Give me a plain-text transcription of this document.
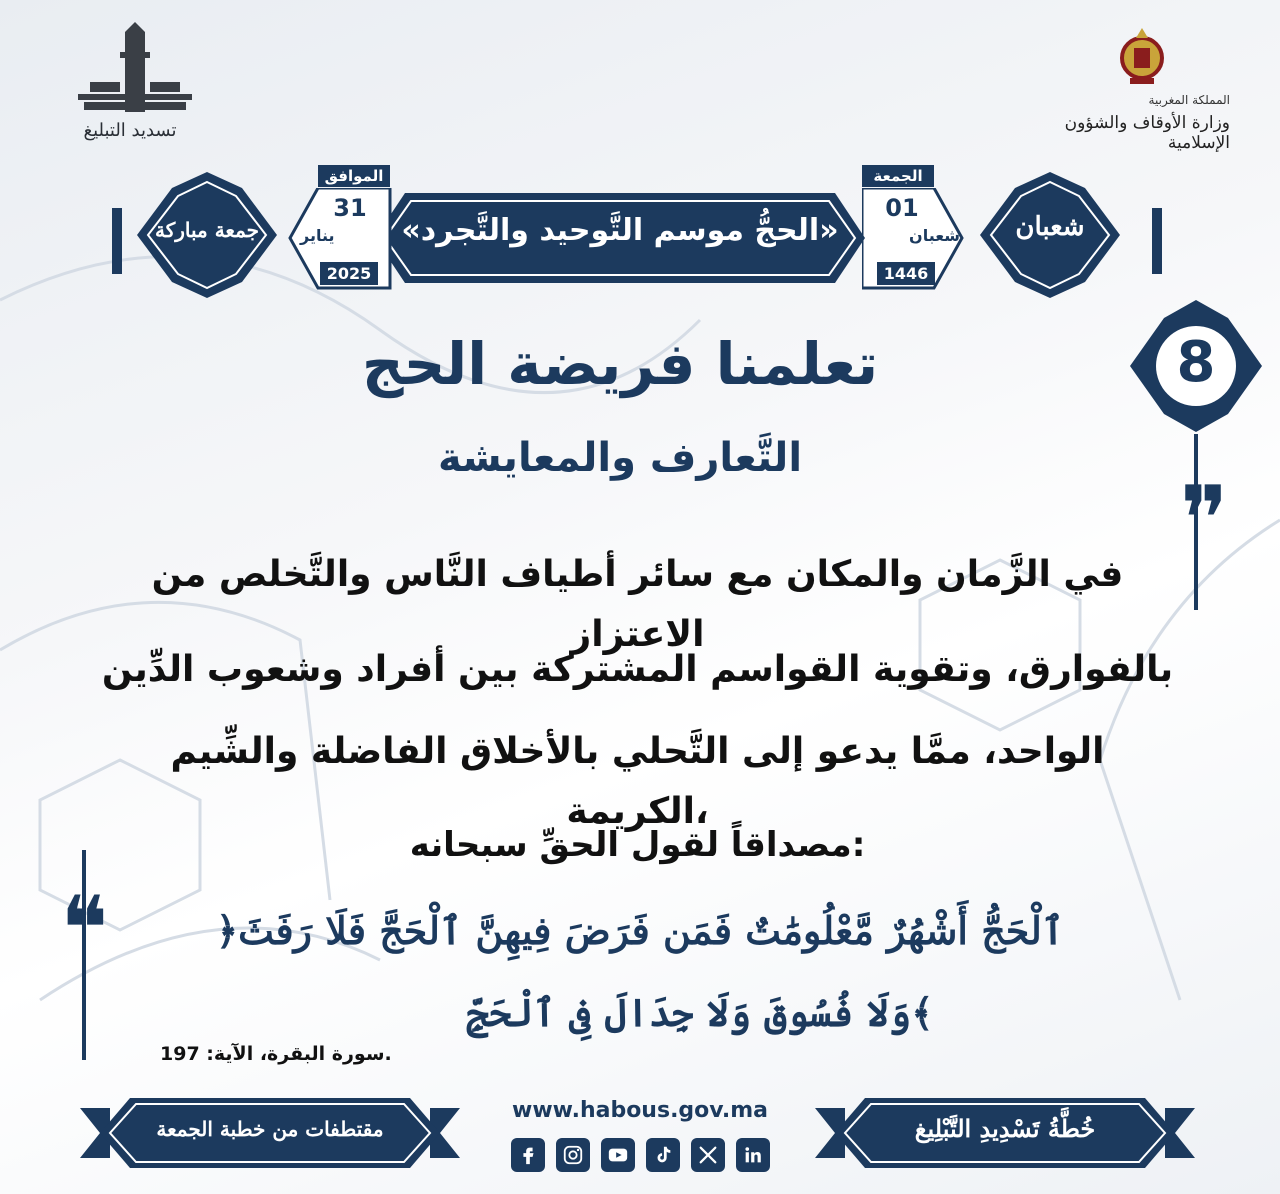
تسديد التبليغ
المملكة المغربية
وزارة الأوقاف والشؤون الإسلامية
شعبان
جمعة مباركة
الجمعة
01
شعبان
1446
«الحجُّ موسم التَّوحيد والتَّجرد»
الموافق
31
يناير
2025
8
❞
تعلمنا فريضة الحج
التَّعارف والمعايشة
في الزَّمان والمكان مع سائر أطياف النَّاس والتَّخلص من الاعتزاز
بالفوارق، وتقوية القواسم المشتركة بين أفراد وشعوب الدِّين
الواحد، ممَّا يدعو إلى التَّحلي بالأخلاق الفاضلة والشِّيم الكريمة،
مصداقاً لقول الحقِّ سبحانه:
❝	﴿ٱلْحَجُّ أَشْهُرٌ مَّعْلُومَٰتٌ فَمَن فَرَضَ فِيهِنَّ ٱلْحَجَّ فَلَا رَفَثَ
وَلَا فُسُوقَ وَلَا جِدَالَ فِى ٱلْحَجِّ﴾
سورة البقرة، الآية: 197.
مقتطفات من خطبة الجمعة	خُطَّةُ تَسْدِيدِ التَّبْلِيغ
www.habous.gov.ma
